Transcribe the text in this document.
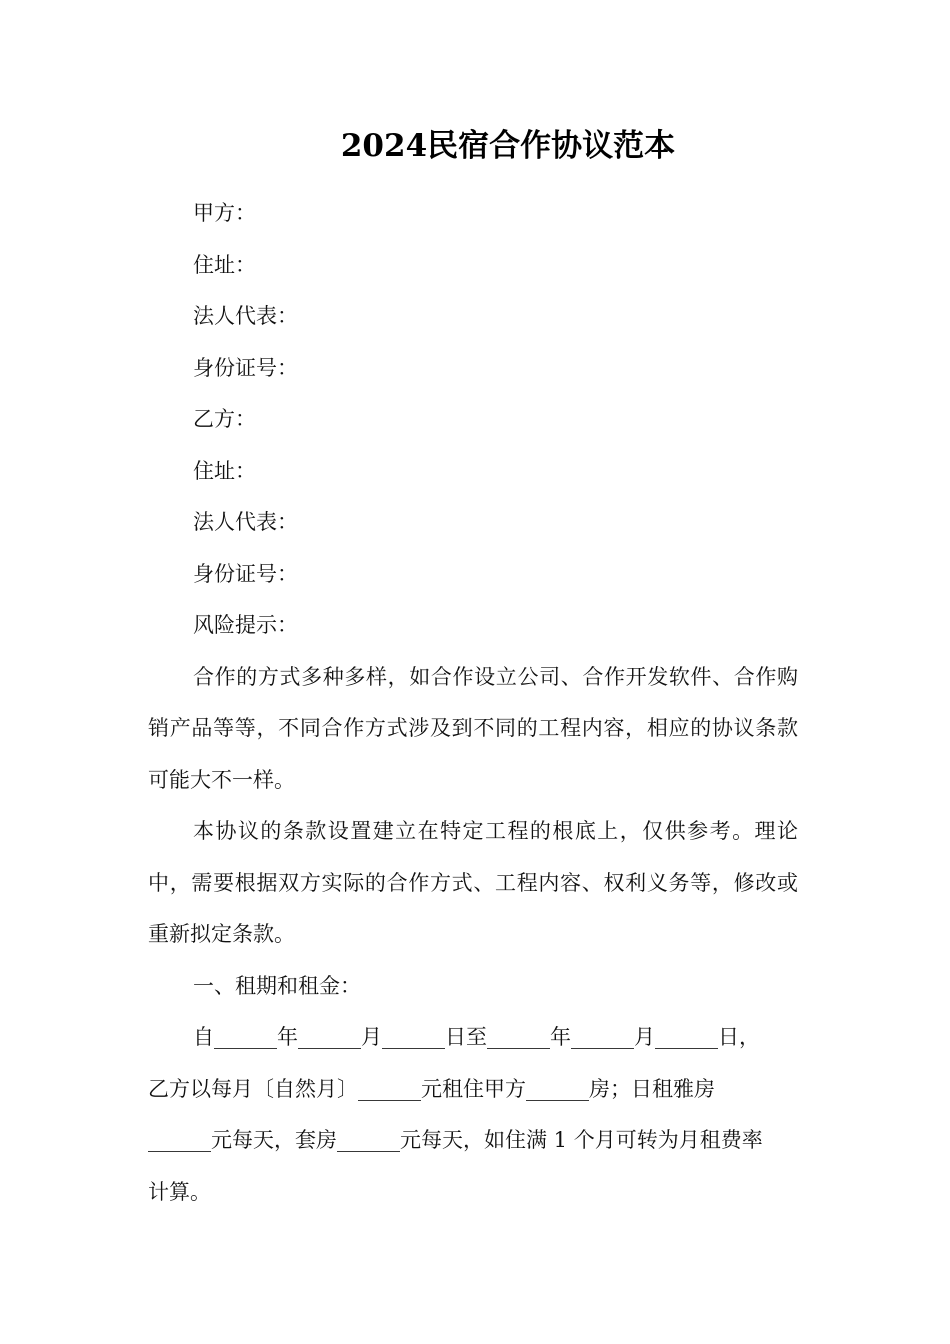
2024民宿合作协议范本
甲方：
住址：
法人代表：
身份证号：
乙方：
住址：
法人代表：
身份证号：
风险提示：
合作的方式多种多样，如合作设立公司、合作开发软件、合作购销产品等等，不同合作方式涉及到不同的工程内容，相应的协议条款可能大不一样。
本协议的条款设置建立在特定工程的根底上，仅供参考。理论中，需要根据双方实际的合作方式、工程内容、权利义务等，修改或重新拟定条款。
一、租期和租金：
自______年______月______日至______年______月______日，
乙方以每月〔自然月〕______元租住甲方______房；日租雅房
______元每天，套房______元每天，如住满 1 个月可转为月租费率
计算。
